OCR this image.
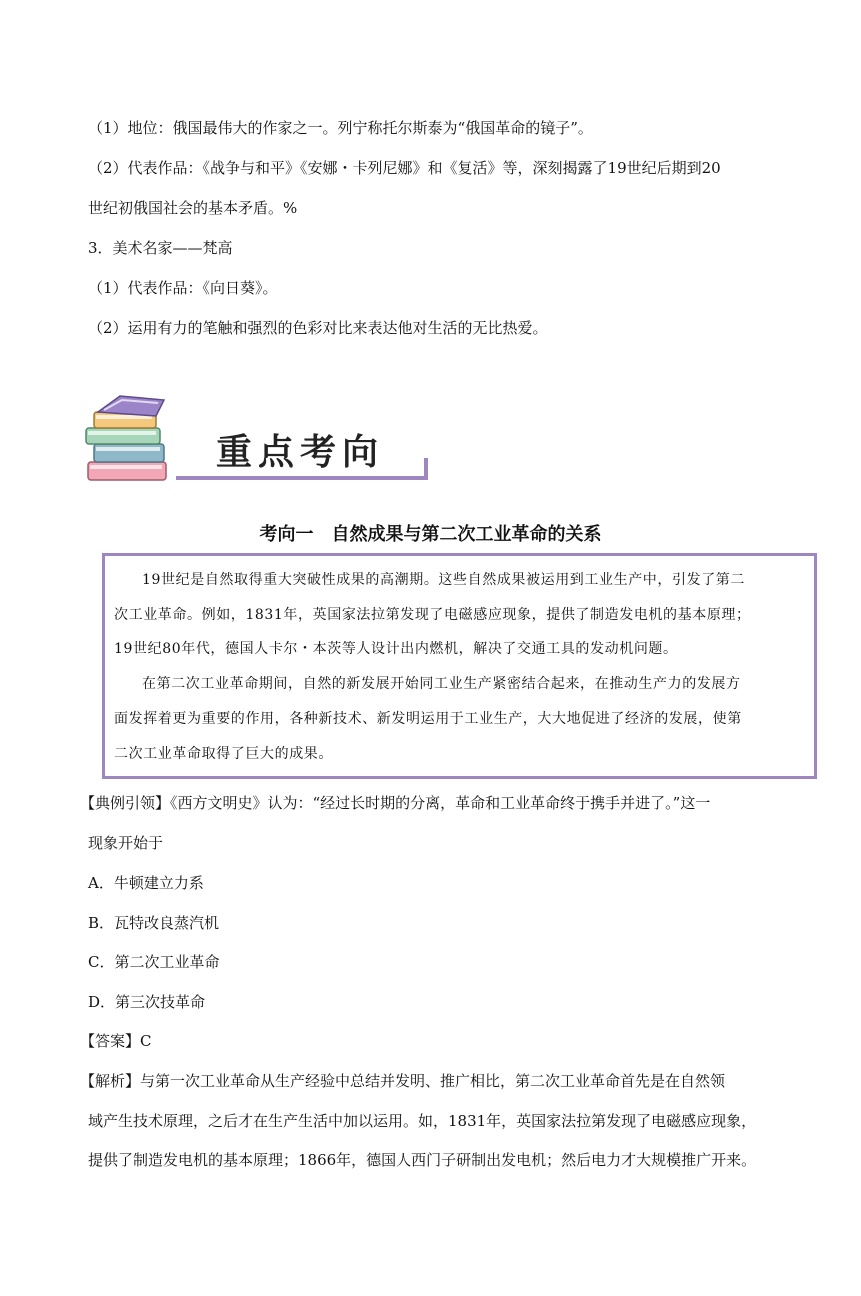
（1）地位：俄国最伟大的作家之一。列宁称托尔斯泰为“俄国革命的镜子”。
（2）代表作品：《战争与和平》《安娜・卡列尼娜》和《复活》等，深刻揭露了19世纪后期到20
世纪初俄国社会的基本矛盾。%
3．美术名家——梵高
（1）代表作品：《向日葵》。
（2）运用有力的笔触和强烈的色彩对比来表达他对生活的无比热爱。
重点考向
考向一　自然成果与第二次工业革命的关系
19世纪是自然取得重大突破性成果的高潮期。这些自然成果被运用到工业生产中，引发了第二
次工业革命。例如，1831年，英国家法拉第发现了电磁感应现象，提供了制造发电机的基本原理；
19世纪80年代，德国人卡尔・本茨等人设计出内燃机，解决了交通工具的发动机问题。
在第二次工业革命期间，自然的新发展开始同工业生产紧密结合起来，在推动生产力的发展方
面发挥着更为重要的作用，各种新技术、新发明运用于工业生产，大大地促进了经济的发展，使第
二次工业革命取得了巨大的成果。
【典例引领】《西方文明史》认为：“经过长时期的分离，革命和工业革命终于携手并进了。”这一
现象开始于
A．牛顿建立力系
B．瓦特改良蒸汽机
C．第二次工业革命
D．第三次技革命
【答案】C
【解析】与第一次工业革命从生产经验中总结并发明、推广相比，第二次工业革命首先是在自然领
域产生技术原理，之后才在生产生活中加以运用。如，1831年，英国家法拉第发现了电磁感应现象，
提供了制造发电机的基本原理；1866年，德国人西门子研制出发电机；然后电力才大规模推广开来。
